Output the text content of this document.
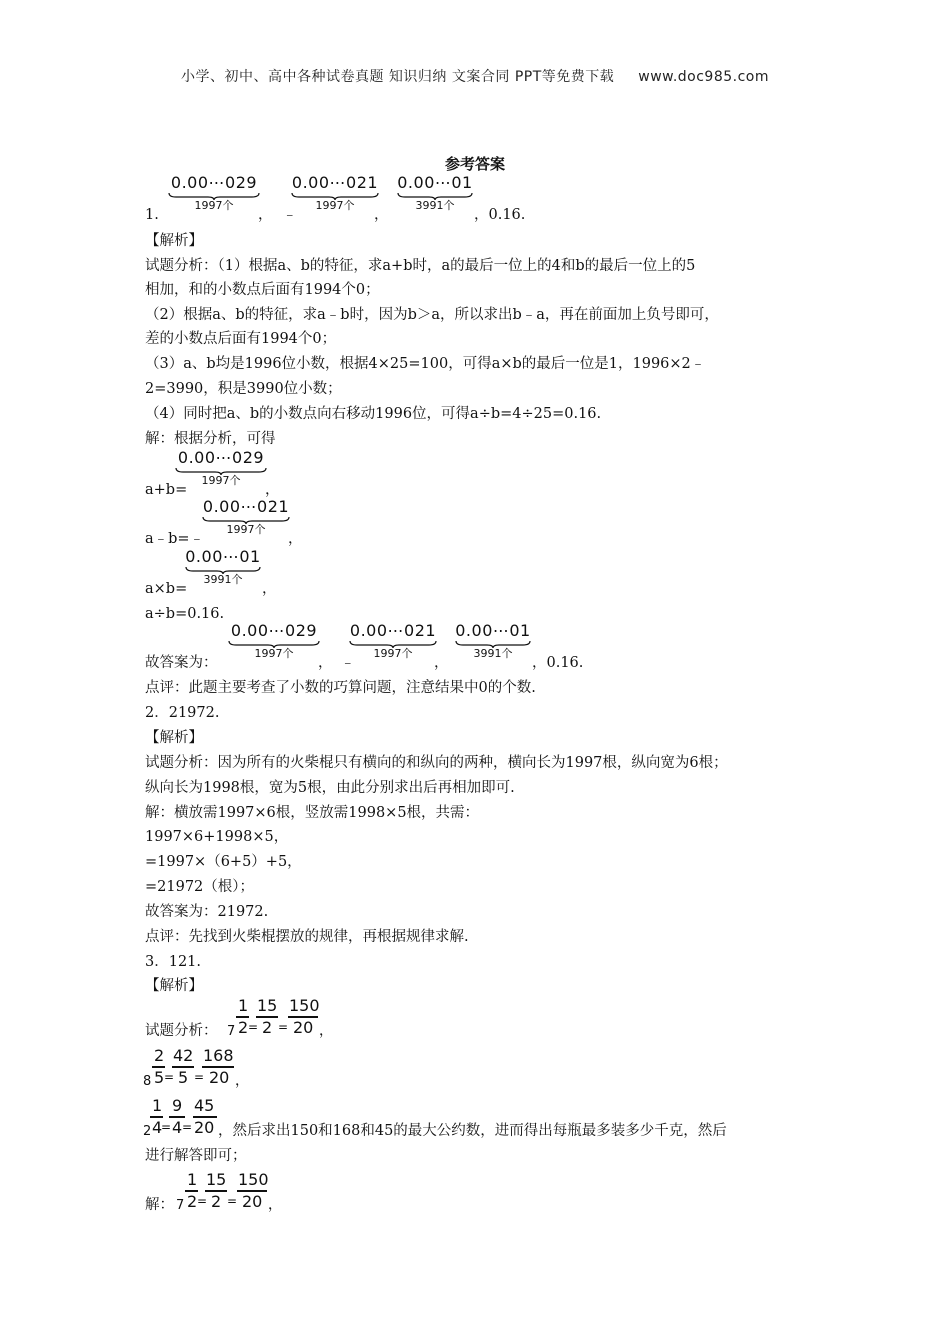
小学、初中、高中各种试卷真题 知识归纳 文案合同 PPT等免费下载 www.doc985.com
参考答案
0.00⋯029
1997个
0.00⋯021
1997个
0.00⋯01
3991个
1.	， ﹣	，	，0.16.
【解析】
试题分析：（1）根据a、b的特征，求a+b时，a的最后一位上的4和b的最后一位上的5
相加，和的小数点后面有1994个0；
（2）根据a、b的特征，求a﹣b时，因为b＞a，所以求出b﹣a，再在前面加上负号即可，
差的小数点后面有1994个0；
（3）a、b均是1996位小数，根据4×25=100，可得a×b的最后一位是1，1996×2﹣
2=3990，积是3990位小数；
（4）同时把a、b的小数点向右移动1996位，可得a÷b=4÷25=0.16.
解：根据分析，可得
0.00⋯029
1997个
a+b=	，
0.00⋯021
1997个
a﹣b=﹣	，
0.00⋯01
3991个
a×b=	，
a÷b=0.16.
0.00⋯029
1997个
0.00⋯021
1997个
0.00⋯01
3991个
故答案为：	， ﹣	，	，0.16.
点评：此题主要考查了小数的巧算问题，注意结果中0的个数.
2．21972.
【解析】
试题分析：因为所有的火柴棍只有横向的和纵向的两种，横向长为1997根，纵向宽为6根；
纵向长为1998根，宽为5根，由此分别求出后再相加即可.
解：横放需1997×6根，竖放需1998×5根，共需：
1997×6+1998×5，
=1997×（6+5）+5，
=21972（根）；
故答案为：21972.
点评：先找到火柴棍摆放的规律，再根据规律求解.
3．121.
【解析】
试题分析： 7
1
2 =
15
2 =
150
20 ，
8
2
5 =
42
5 =
168
20 ，
2
1
4
=
9
4 =
45
20 ，然后求出150和168和45的最大公约数，进而得出每瓶最多装多少千克，然后
进行解答即可；
解： 7
1
2 =
15
2 =
150
20 ，
